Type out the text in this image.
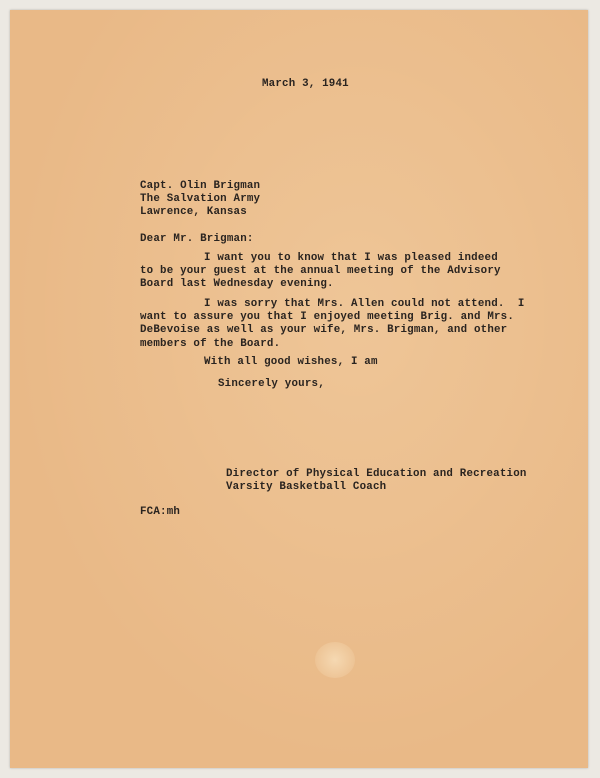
March 3, 1941

Capt. Olin Brigman
The Salvation Army
Lawrence, Kansas

Dear Mr. Brigman:

I want you to know that I was pleased indeed
to be your guest at the annual meeting of the Advisory
Board last Wednesday evening.
I was sorry that Mrs. Allen could not attend.  I
want to assure you that I enjoyed meeting Brig. and Mrs.
DeBevoise as well as your wife, Mrs. Brigman, and other
members of the Board.

With all good wishes, I am

Sincerely yours,

Director of Physical Education and Recreation
Varsity Basketball Coach

FCA:mh
